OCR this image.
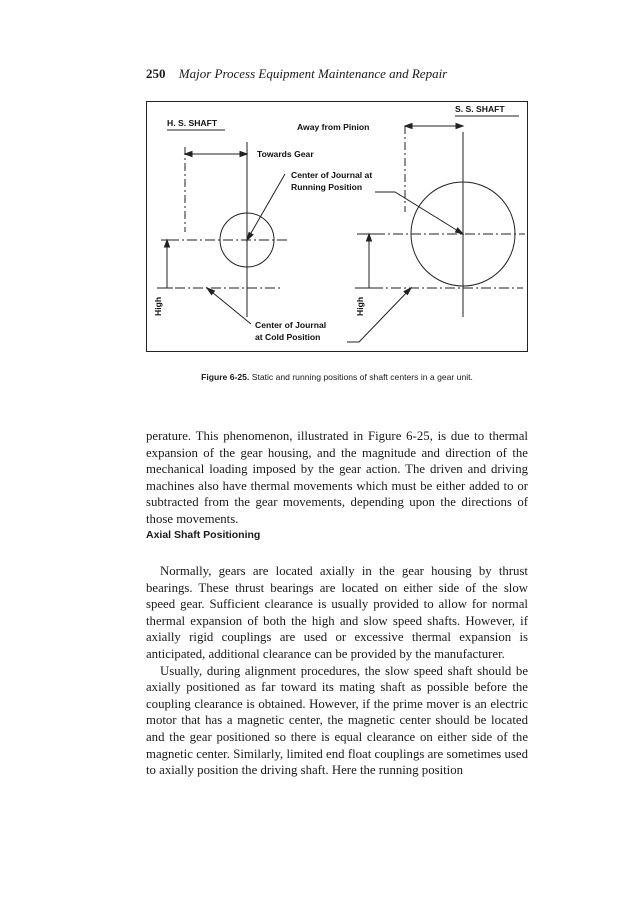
250 Major Process Equipment Maintenance and Repair
H. S. SHAFT
S. S. SHAFT
Away from Pinion
Towards Gear
Center of Journal at
Running Position
Center of Journal
at Cold Position
High	High
Figure 6-25. Static and running positions of shaft centers in a gear unit.

perature. This phenomenon, illustrated in Figure 6-25, is due to thermal expansion of the gear housing, and the magnitude and direction of the mechanical loading imposed by the gear action. The driven and driving machines also have thermal movements which must be either added to or subtracted from the gear movements, depending upon the directions of those movements.

Axial Shaft Positioning

Normally, gears are located axially in the gear housing by thrust bearings. These thrust bearings are located on either side of the slow speed gear. Sufficient clearance is usually provided to allow for normal thermal expansion of both the high and slow speed shafts. However, if axially rigid couplings are used or excessive thermal expansion is anticipated, additional clearance can be provided by the manufacturer.

Usually, during alignment procedures, the slow speed shaft should be axially positioned as far toward its mating shaft as possible before the coupling clearance is obtained. However, if the prime mover is an electric motor that has a magnetic center, the magnetic center should be located and the gear positioned so there is equal clearance on either side of the magnetic center. Similarly, limited end float couplings are sometimes used to axially position the driving shaft. Here the running position
